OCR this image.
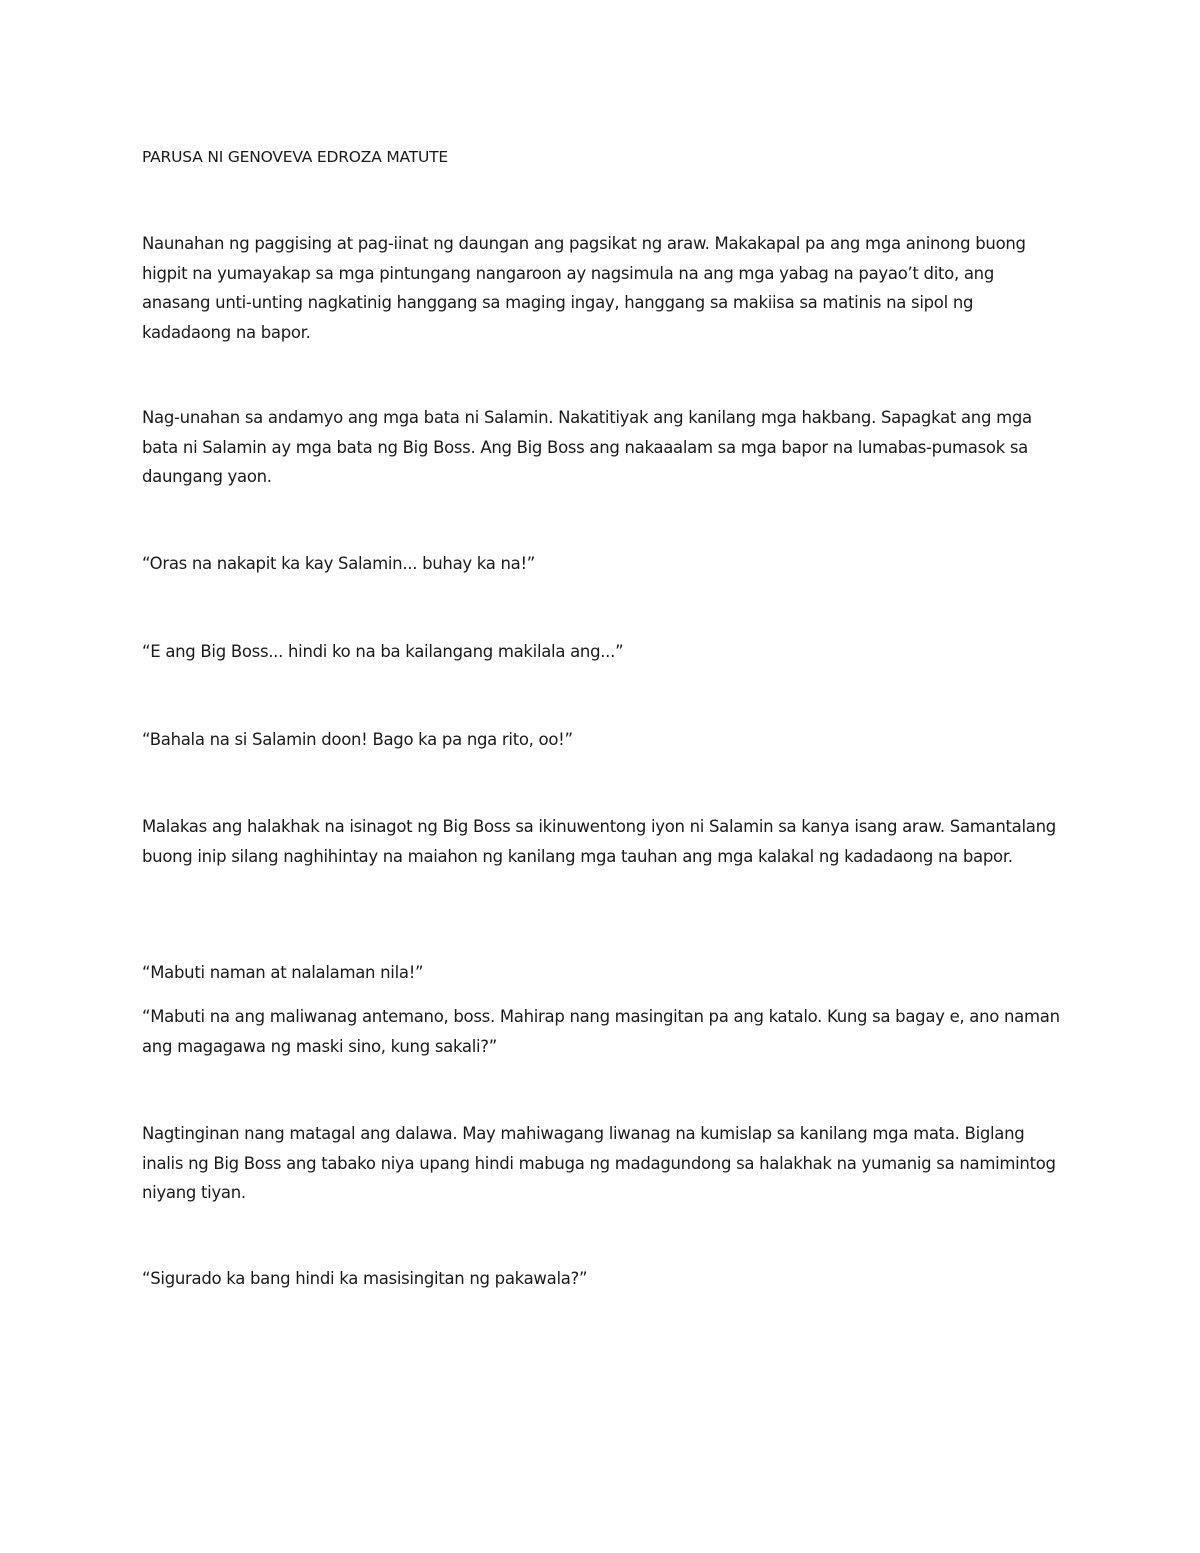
PARUSA NI GENOVEVA EDROZA MATUTE

Naunahan ng paggising at pag-iinat ng daungan ang pagsikat ng araw. Makakapal pa ang mga aninong buong higpit na yumayakap sa mga pintungang nangaroon ay nagsimula na ang mga yabag na payao’t dito, ang anasang unti-unting nagkatinig hanggang sa maging ingay, hanggang sa makiisa sa matinis na sipol ng kadadaong na bapor.

Nag-unahan sa andamyo ang mga bata ni Salamin. Nakatitiyak ang kanilang mga hakbang. Sapagkat ang mga bata ni Salamin ay mga bata ng Big Boss. Ang Big Boss ang nakaaalam sa mga bapor na lumabas-pumasok sa daungang yaon.

“Oras na nakapit ka kay Salamin... buhay ka na!”

“E ang Big Boss... hindi ko na ba kailangang makilala ang...”

“Bahala na si Salamin doon! Bago ka pa nga rito, oo!”

Malakas ang halakhak na isinagot ng Big Boss sa ikinuwentong iyon ni Salamin sa kanya isang araw. Samantalang buong inip silang naghihintay na maiahon ng kanilang mga tauhan ang mga kalakal ng kadadaong na bapor.

“Mabuti naman at nalalaman nila!”

“Mabuti na ang maliwanag antemano, boss. Mahirap nang masingitan pa ang katalo. Kung sa bagay e, ano naman ang magagawa ng maski sino, kung sakali?”

Nagtinginan nang matagal ang dalawa. May mahiwagang liwanag na kumislap sa kanilang mga mata. Biglang inalis ng Big Boss ang tabako niya upang hindi mabuga ng madagundong sa halakhak na yumanig sa namimintog niyang tiyan.

“Sigurado ka bang hindi ka masisingitan ng pakawala?”
